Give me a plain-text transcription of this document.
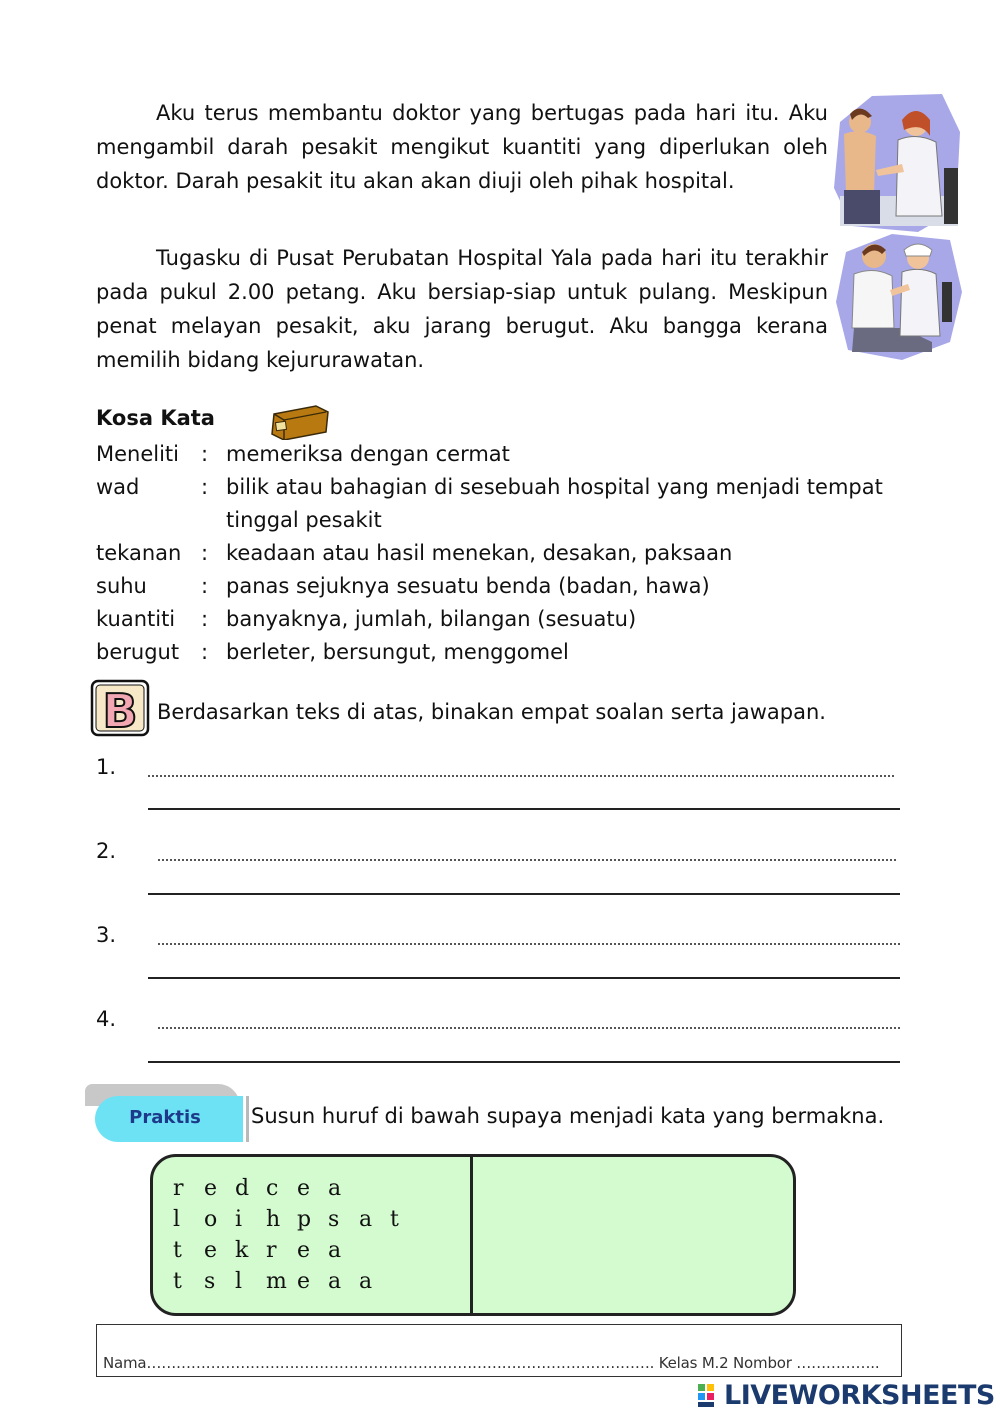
Aku terus membantu doktor yang bertugas pada hari itu. Aku mengambil darah pesakit mengikut kuantiti yang diperlukan oleh doktor. Darah pesakit itu akan akan diuji oleh pihak hospital.

Tugasku di Pusat Perubatan Hospital Yala pada hari itu terakhir pada pukul 2.00 petang. Aku bersiap-siap untuk pulang. Meskipun penat melayan pesakit, aku jarang berugut. Aku bangga kerana memilih bidang kejururawatan.

Kosa Kata
Meneliti	: memeriksa dengan cermat
wad	: bilik atau bahagian di sesebuah hospital yang menjadi tempat tinggal pesakit
tekanan : keadaan atau hasil menekan, desakan, paksaan
suhu	: panas sejuknya sesuatu benda (badan, hawa)
kuantiti	: banyaknya, jumlah, bilangan (sesuatu)
berugut	: berleter, bersungut, menggomel
B Berdasarkan teks di atas, binakan empat soalan serta jawapan.
1.
2.
3.
4.
Praktis Susun huruf di bawah supaya menjadi kata yang bermakna.
r e d c e a
l o i h p s a t
t e k r e a
t s l m e a a
Nama…………………………………………………………………………………………. Kelas M.2 Nombor ……………..
LIVEWORKSHEETS
